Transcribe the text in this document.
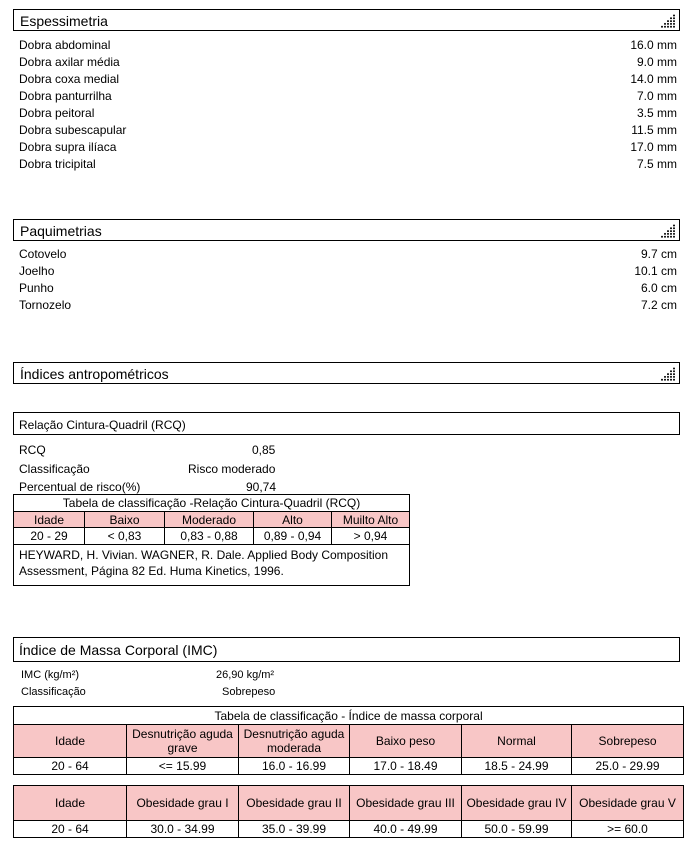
Espessimetria
Dobra abdominal	16.0 mm
Dobra axilar média	9.0 mm
Dobra coxa medial	14.0 mm
Dobra panturrilha	7.0 mm
Dobra peitoral	3.5 mm
Dobra subescapular	11.5 mm
Dobra supra ilíaca	17.0 mm
Dobra tricipital	7.5 mm
Paquimetrias
Cotovelo	9.7 cm
Joelho	10.1 cm
Punho	6.0 cm
Tornozelo	7.2 cm
Índices antropométricos
Relação Cintura-Quadril (RCQ)
RCQ	0,85
Classificação	Risco moderado
Percentual de risco(%)	90,74
Tabela de classificação -Relação Cintura-Quadril (RCQ)				
Idade	Baixo	Moderado	Alto	Muilto Alto
20 - 29	< 0,83	0,83 - 0,88	0,89 - 0,94	> 0,94
HEYWARD, H. Vivian. WAGNER, R. Dale. Applied Body Composition Assessment, Página 82 Ed. Huma Kinetics, 1996.				
Índice de Massa Corporal (IMC)
IMC (kg/m²)	26,90 kg/m²
Classificação	Sobrepeso
Tabela de classificação - Índice de massa corporal					
Idade	Desnutrição aguda grave	Desnutrição aguda moderada	Baixo peso	Normal	Sobrepeso
20 - 64	<= 15.99	16.0 - 16.99	17.0 - 18.49	18.5 - 24.99	25.0 - 29.99
Idade	Obesidade grau I	Obesidade grau II	Obesidade grau III	Obesidade grau IV	Obesidade grau V
20 - 64	30.0 - 34.99	35.0 - 39.99	40.0 - 49.99	50.0 - 59.99	>= 60.0
